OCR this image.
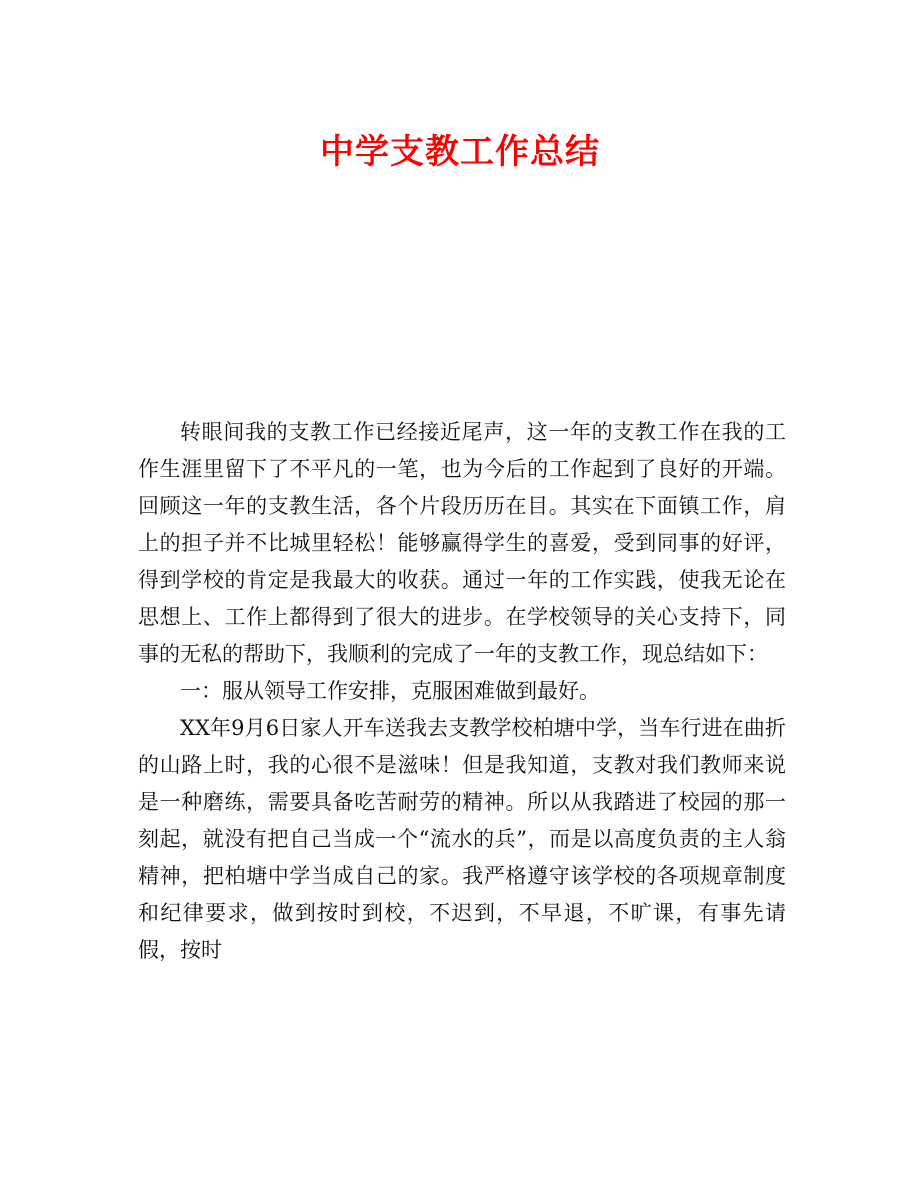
中学支教工作总结

转眼间我的支教工作已经接近尾声，这一年的支教工作在我的工作生涯里留下了不平凡的一笔，也为今后的工作起到了良好的开端。回顾这一年的支教生活，各个片段历历在目。其实在下面镇工作，肩上的担子并不比城里轻松！能够赢得学生的喜爱，受到同事的好评，得到学校的肯定是我最大的收获。通过一年的工作实践，使我无论在思想上、工作上都得到了很大的进步。在学校领导的关心支持下，同事的无私的帮助下，我顺利的完成了一年的支教工作，现总结如下：

一：服从领导工作安排，克服困难做到最好。

XX年9月6日家人开车送我去支教学校柏塘中学，当车行进在曲折的山路上时，我的心很不是滋味！但是我知道，支教对我们教师来说是一种磨练，需要具备吃苦耐劳的精神。所以从我踏进了校园的那一刻起，就没有把自己当成一个“流水的兵”，而是以高度负责的主人翁精神，把柏塘中学当成自己的家。我严格遵守该学校的各项规章制度和纪律要求，做到按时到校，不迟到，不早退，不旷课，有事先请假，按时
